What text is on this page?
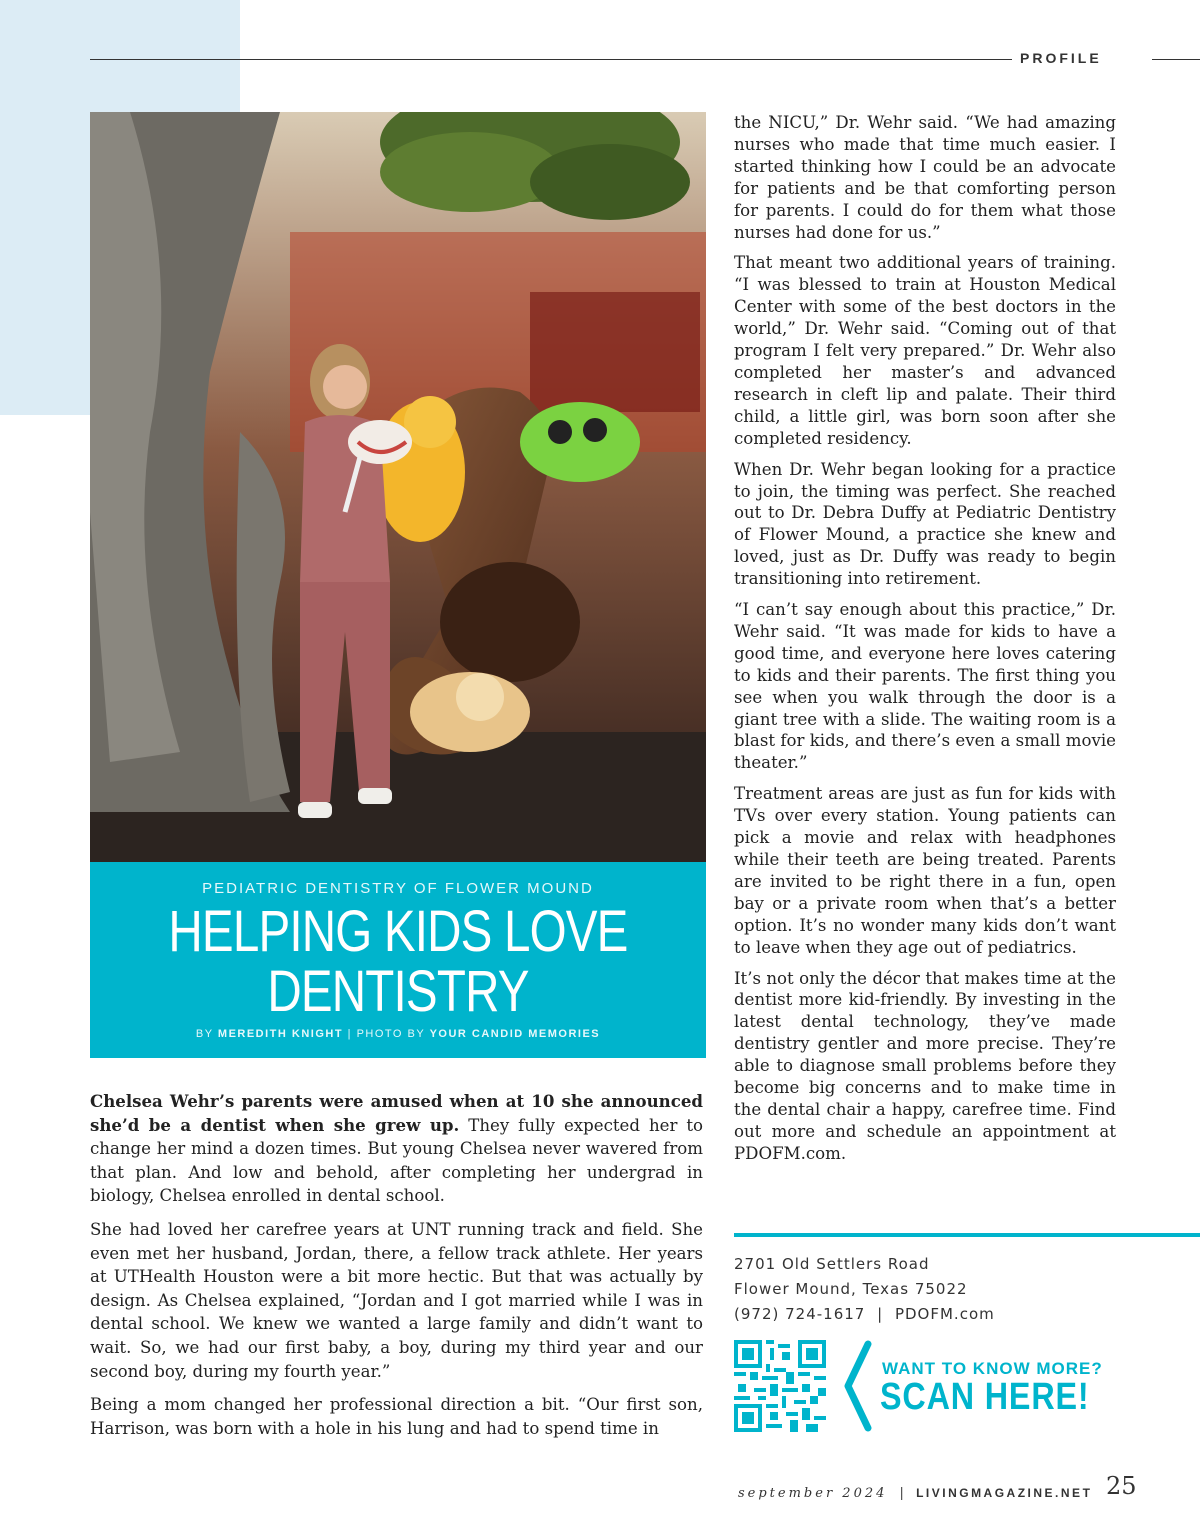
PROFILE
PEDIATRIC DENTISTRY OF FLOWER MOUND
HELPING KIDS LOVE
DENTISTRY
BY MEREDITH KNIGHT | PHOTO BY YOUR CANDID MEMORIES

Chelsea Wehr’s parents were amused when at 10 she announced she’d be a dentist when she grew up. They fully expected her to change her mind a dozen times. But young Chelsea never wavered from that plan. And low and behold, after completing her undergrad in biology, Chelsea enrolled in dental school.

She had loved her carefree years at UNT running track and field. She even met her husband, Jordan, there, a fellow track athlete. Her years at UTHealth Houston were a bit more hectic. But that was actually by design. As Chelsea explained, “Jordan and I got married while I was in dental school. We knew we wanted a large family and didn’t want to wait. So, we had our first baby, a boy, during my third year and our second boy, during my fourth year.”

Being a mom changed her professional direction a bit. “Our first son, Harrison, was born with a hole in his lung and had to spend time in

the NICU,” Dr. Wehr said. “We had amazing nurses who made that time much easier. I started thinking how I could be an advocate for patients and be that comforting person for parents. I could do for them what those nurses had done for us.”

That meant two additional years of training. “I was blessed to train at Houston Medical Center with some of the best doctors in the world,” Dr. Wehr said. “Coming out of that program I felt very prepared.” Dr. Wehr also completed her master’s and advanced research in cleft lip and palate. Their third child, a little girl, was born soon after she completed residency.

When Dr. Wehr began looking for a practice to join, the timing was perfect. She reached out to Dr. Debra Duffy at Pediatric Dentistry of Flower Mound, a practice she knew and loved, just as Dr. Duffy was ready to begin transitioning into retirement.

“I can’t say enough about this practice,” Dr. Wehr said. “It was made for kids to have a good time, and everyone here loves catering to kids and their parents. The first thing you see when you walk through the door is a giant tree with a slide. The waiting room is a blast for kids, and there’s even a small movie theater.”

Treatment areas are just as fun for kids with TVs over every station. Young patients can pick a movie and relax with headphones while their teeth are being treated. Parents are invited to be right there in a fun, open bay or a private room when that’s a better option. It’s no wonder many kids don’t want to leave when they age out of pediatrics.

It’s not only the décor that makes time at the dentist more kid-friendly. By investing in the latest dental technology, they’ve made dentistry gentler and more precise. They’re able to diagnose small problems before they become big concerns and to make time in the dental chair a happy, carefree time. Find out more and schedule an appointment at PDOFM.com.

2701 Old Settlers Road
Flower Mound, Texas 75022
(972) 724-1617 | PDOFM.com
WANT TO KNOW MORE?
SCAN HERE!
september 2024 | LIVINGMAGAZINE.NET 25
